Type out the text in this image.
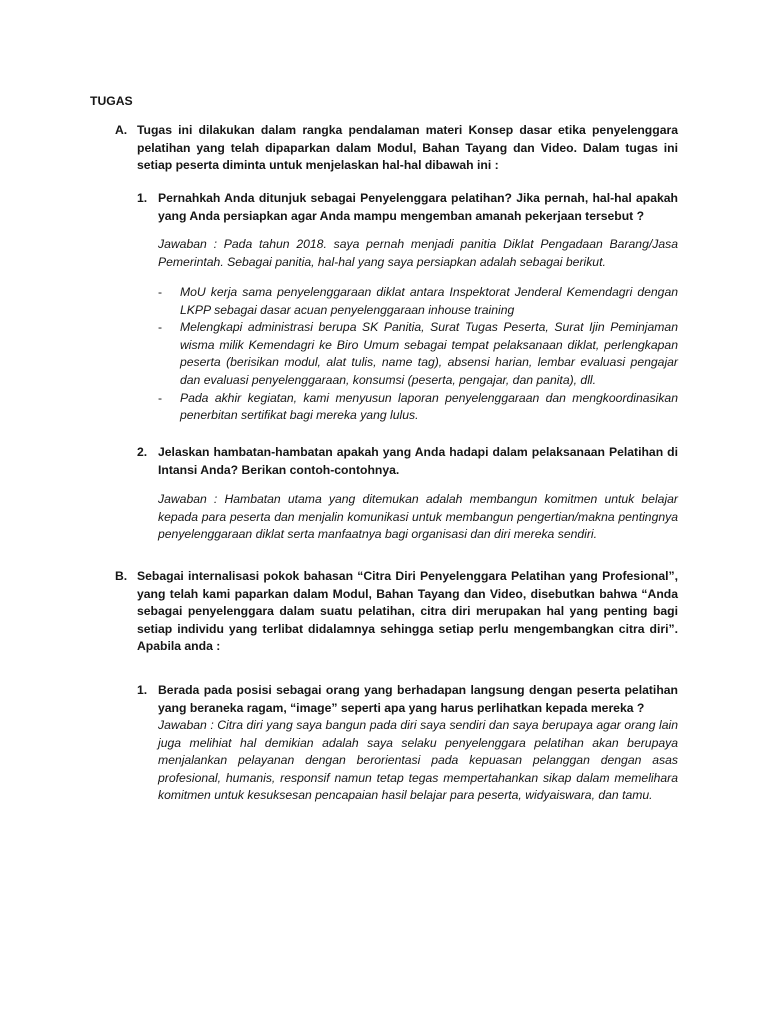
TUGAS
A. Tugas ini dilakukan dalam rangka pendalaman materi Konsep dasar etika penyelenggara pelatihan yang telah dipaparkan dalam Modul, Bahan Tayang dan Video. Dalam tugas ini setiap peserta diminta untuk menjelaskan hal-hal dibawah ini :
1. Pernahkah Anda ditunjuk sebagai Penyelenggara pelatihan? Jika pernah, hal-hal apakah yang Anda persiapkan agar Anda mampu mengemban amanah pekerjaan tersebut ?
Jawaban : Pada tahun 2018. saya pernah menjadi panitia Diklat Pengadaan Barang/Jasa Pemerintah. Sebagai panitia, hal-hal yang saya persiapkan adalah sebagai berikut.
- MoU kerja sama penyelenggaraan diklat antara Inspektorat Jenderal Kemendagri dengan LKPP sebagai dasar acuan penyelenggaraan inhouse training
- Melengkapi administrasi berupa SK Panitia, Surat Tugas Peserta, Surat Ijin Peminjaman wisma milik Kemendagri ke Biro Umum sebagai tempat pelaksanaan diklat, perlengkapan peserta (berisikan modul, alat tulis, name tag), absensi harian, lembar evaluasi pengajar dan evaluasi penyelenggaraan, konsumsi (peserta, pengajar, dan panita), dll.
- Pada akhir kegiatan, kami menyusun laporan penyelenggaraan dan mengkoordinasikan penerbitan sertifikat bagi mereka yang lulus.
2. Jelaskan hambatan-hambatan apakah yang Anda hadapi dalam pelaksanaan Pelatihan di Intansi Anda? Berikan contoh-contohnya.
Jawaban : Hambatan utama yang ditemukan adalah membangun komitmen untuk belajar kepada para peserta dan menjalin komunikasi untuk membangun pengertian/makna pentingnya penyelenggaraan diklat serta manfaatnya bagi organisasi dan diri mereka sendiri.
B. Sebagai internalisasi pokok bahasan “Citra Diri Penyelenggara Pelatihan yang Profesional”, yang telah kami paparkan dalam Modul, Bahan Tayang dan Video, disebutkan bahwa “Anda sebagai penyelenggara dalam suatu pelatihan, citra diri merupakan hal yang penting bagi setiap individu yang terlibat didalamnya sehingga setiap perlu mengembangkan citra diri”. Apabila anda :
1. Berada pada posisi sebagai orang yang berhadapan langsung dengan peserta pelatihan yang beraneka ragam, “image” seperti apa yang harus perlihatkan kepada mereka ?
Jawaban : Citra diri yang saya bangun pada diri saya sendiri dan saya berupaya agar orang lain juga melihiat hal demikian adalah saya selaku penyelenggara pelatihan akan berupaya menjalankan pelayanan dengan berorientasi pada kepuasan pelanggan dengan asas profesional, humanis, responsif namun tetap tegas mempertahankan sikap dalam memelihara komitmen untuk kesuksesan pencapaian hasil belajar para peserta, widyaiswara, dan tamu.
